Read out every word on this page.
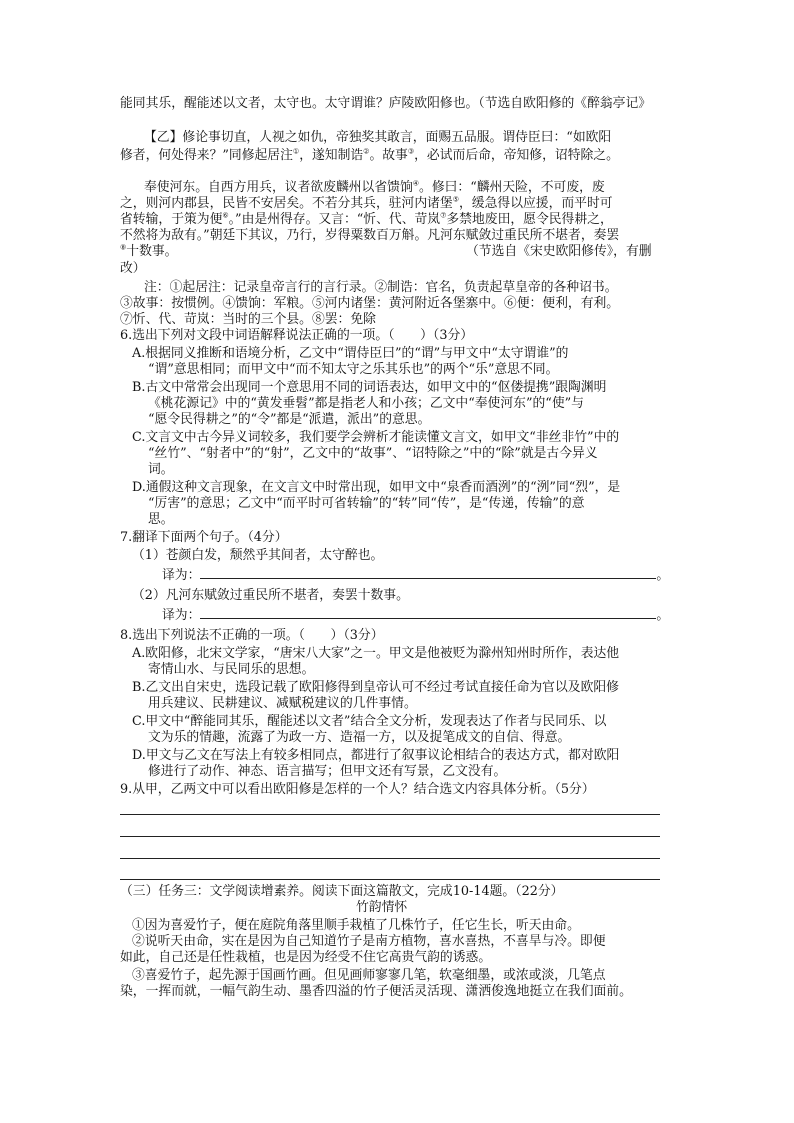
能同其乐，醒能述以文者，太守也。太守谓谁？庐陵欧阳修也。（节选自欧阳修的《醉翁亭记》
【乙】修论事切直，人视之如仇，帝独奖其敢言，面赐五品服。谓侍臣曰：“如欧阳
修者，何处得来？”同修起居注①，遂知制诰②。故事③，必试而后命，帝知修，诏特除之。
奉使河东。自西方用兵，议者欲废麟州以省馈饷④。修曰：“麟州天险，不可废，废
之，则河内郡县，民皆不安居矣。不若分其兵，驻河内诸堡⑤，缓急得以应援，而平时可
省转输，于策为便⑥。”由是州得存。又言：“忻、代、苛岚⑦多禁地废田，愿令民得耕之，
不然将为敌有。”朝廷下其议，乃行，岁得粟数百万斛。凡河东赋敛过重民所不堪者，奏罢
⑧十数事。	（节选自《宋史欧阳修传》，有删
改）
注：①起居注：记录皇帝言行的言行录。②制诰：官名，负责起草皇帝的各种诏书。
③故事：按惯例。④馈饷：军粮。⑤河内诸堡：黄河附近各堡寨中。⑥便：便利，有利。
⑦忻、代、苛岚：当时的三个县。⑧罢：免除
6.选出下列对文段中词语解释说法正确的一项。（　　）（3分）
A.根据同义推断和语境分析，乙文中“谓侍臣曰”的“谓”与甲文中“太守谓谁”的
“谓”意思相同；而甲文中“而不知太守之乐其乐也”的两个“乐”意思不同。
B.古文中常常会出现同一个意思用不同的词语表达，如甲文中的“伛偻提携”跟陶渊明
《桃花源记》中的“黄发垂髫”都是指老人和小孩；乙文中“奉使河东”的“使”与
“愿令民得耕之”的“令”都是“派遣，派出”的意思。
C.文言文中古今异义词较多，我们要学会辨析才能读懂文言文，如甲文“非丝非竹”中的
“丝竹”、“射者中”的“射”，乙文中的“故事”、“诏特除之”中的“除”就是古今异义
词。
D.通假这种文言现象，在文言文中时常出现，如甲文中“泉香而酒洌”的“洌”同“烈”，是
“厉害”的意思；乙文中“而平时可省转输”的“转”同“传”，是“传递，传输”的意
思。
7.翻译下面两个句子。（4分）
（1）苍颜白发，颓然乎其间者，太守醉也。
译为：	。
（2）凡河东赋敛过重民所不堪者，奏罢十数事。
译为：	。
8.选出下列说法不正确的一项。（　　）（3分）
A.欧阳修，北宋文学家，“唐宋八大家”之一。甲文是他被贬为滁州知州时所作，表达他
寄情山水、与民同乐的思想。
B.乙文出自宋史，选段记载了欧阳修得到皇帝认可不经过考试直接任命为官以及欧阳修
用兵建议、民耕建议、减赋税建议的几件事情。
C.甲文中“醉能同其乐，醒能述以文者”结合全文分析，发现表达了作者与民同乐、以
文为乐的情趣，流露了为政一方、造福一方，以及捉笔成文的自信、得意。
D.甲文与乙文在写法上有较多相同点，都进行了叙事议论相结合的表达方式，都对欧阳
修进行了动作、神态、语言描写；但甲文还有写景，乙文没有。
9.从甲，乙两文中可以看出欧阳修是怎样的一个人？结合选文内容具体分析。（5分）
（三）任务三：文学阅读增素养。阅读下面这篇散文，完成10-14题。（22分）
竹韵情怀
①因为喜爱竹子，便在庭院角落里顺手栽植了几株竹子，任它生长，听天由命。
②说听天由命，实在是因为自己知道竹子是南方植物，喜水喜热，不喜旱与冷。即便
如此，自己还是任性栽植，也是因为经受不住它高贵气韵的诱惑。
③喜爱竹子，起先源于国画竹画。但见画师寥寥几笔，软毫细墨，或浓或淡，几笔点
染，一挥而就，一幅气韵生动、墨香四溢的竹子便活灵活现、潇洒俊逸地挺立在我们面前。
